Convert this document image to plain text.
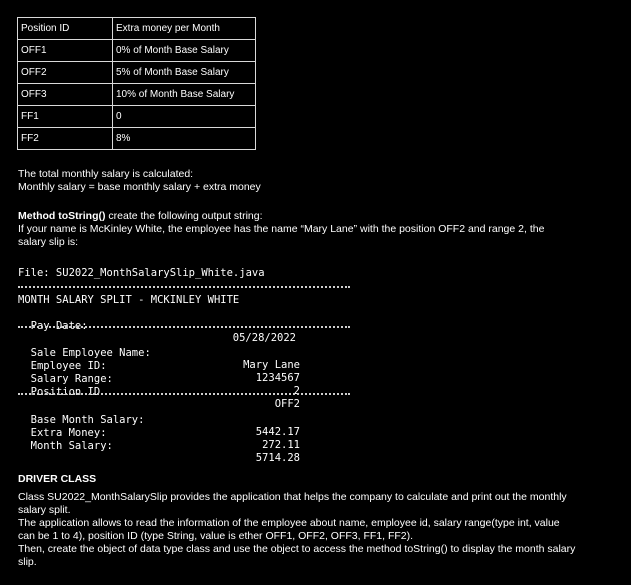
Position ID	Extra money per Month
OFF1	0% of Month Base Salary
OFF2	5% of Month Base Salary
OFF3	10% of Month Base Salary
FF1	0
FF2	8%
The total monthly salary is calculated:
Monthly salary = base monthly salary + extra money
Method toString() create the following output string:
If your name is McKinley White, the employee has the name “Mary Lane” with the position OFF2 and range 2, the
salary slip is:
File: SU2022_MonthSalarySlip_White.java
MONTH SALARY SPLIT - MCKINLEY WHITE

Pay Date:

05/28/2022

Sale Employee Name:

Mary Lane

Employee ID:

1234567

Salary Range:

2

Position ID

OFF2

Base Month Salary:

5442.17

Extra Money:

272.11

Month Salary:

5714.28

DRIVER CLASS
Class SU2022_MonthSalarySlip provides the application that helps the company to calculate and print out the monthly salary split.
The application allows to read the information of the employee about name, employee id, salary range(type int, value can be 1 to 4), position ID (type String, value is ether OFF1, OFF2, OFF3, FF1, FF2).
Then, create the object of data type class and use the object to access the method toString() to display the month salary slip.
